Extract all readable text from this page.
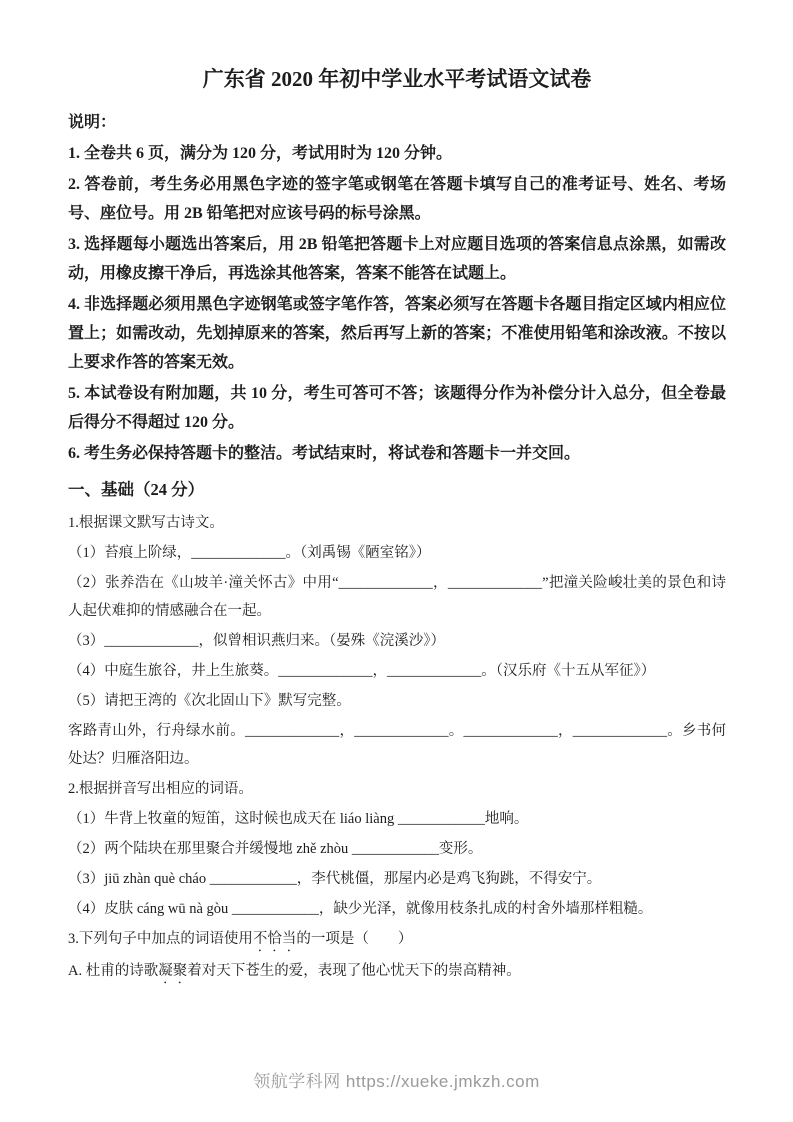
广东省 2020 年初中学业水平考试语文试卷

说明：

1. 全卷共 6 页，满分为 120 分，考试用时为 120 分钟。

2. 答卷前，考生务必用黑色字迹的签字笔或钢笔在答题卡填写自己的准考证号、姓名、考场号、座位号。用 2B 铅笔把对应该号码的标号涂黑。

3. 选择题每小题选出答案后，用 2B 铅笔把答题卡上对应题目选项的答案信息点涂黑，如需改动，用橡皮擦干净后，再选涂其他答案，答案不能答在试题上。

4. 非选择题必须用黑色字迹钢笔或签字笔作答，答案必须写在答题卡各题目指定区域内相应位置上；如需改动，先划掉原来的答案，然后再写上新的答案；不准使用铅笔和涂改液。不按以上要求作答的答案无效。

5. 本试卷设有附加题，共 10 分，考生可答可不答；该题得分作为补偿分计入总分，但全卷最后得分不得超过 120 分。

6. 考生务必保持答题卡的整洁。考试结束时，将试卷和答题卡一并交回。

一、基础（24 分）

1.根据课文默写古诗文。

（1）苔痕上阶绿，_____________。（刘禹锡《陋室铭》）

（2）张养浩在《山坡羊·潼关怀古》中用“_____________，_____________”把潼关险峻壮美的景色和诗人起伏难抑的情感融合在一起。

（3）_____________，似曾相识燕归来。（晏殊《浣溪沙》）

（4）中庭生旅谷，井上生旅葵。_____________，_____________。（汉乐府《十五从军征》）

（5）请把王湾的《次北固山下》默写完整。

客路青山外，行舟绿水前。_____________，_____________。_____________，_____________。乡书何处达？归雁洛阳边。

2.根据拼音写出相应的词语。

（1）牛背上牧童的短笛，这时候也成天在 liáo liàng ____________地响。

（2）两个陆块在那里聚合并缓慢地 zhě zhòu ____________变形。

（3）jiū zhàn què cháo ____________，李代桃僵，那屋内必是鸡飞狗跳，不得安宁。

（4）皮肤 cáng wū nà gòu ____________，缺少光泽，就像用枝条扎成的村舍外墙那样粗糙。

3.下列句子中加点的词语使用不恰当的一项是（　　）

A. 杜甫的诗歌凝聚着对天下苍生的爱，表现了他心忧天下的崇高精神。

领航学科网 https://xueke.jmkzh.com
